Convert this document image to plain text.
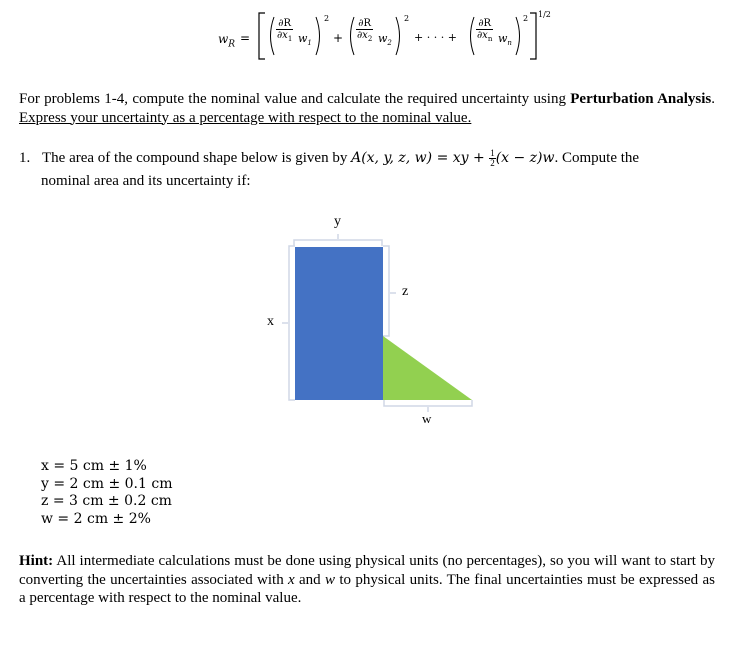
$w_R$ =	$\frac{\partial R}{\partial x_1} w_1$
2
+ $\frac{\partial R}{\partial x_2} w_2$
2
+ · · · + $\frac{\partial R}{\partial x_n} w_n$
2 1/2
For problems 1-4, compute the nominal value and calculate the required uncertainty using Perturbation Analysis. Express your uncertainty as a percentage with respect to the nominal value.
1. The area of the compound shape below is given by A(x, y, z, w) = xy + $\frac{1}{2} (x - z)w$. Compute the
nominal area and its uncertainty if:
y
z
x
w
x = 5 cm ± 1%
y = 2 cm ± 0.1 cm
z = 3 cm ± 0.2 cm
w = 2 cm ± 2%
Hint: All intermediate calculations must be done using physical units (no percentages), so you will want to start by converting the uncertainties associated with x and w to physical units. The final uncertainties must be expressed as a percentage with respect to the nominal value.
